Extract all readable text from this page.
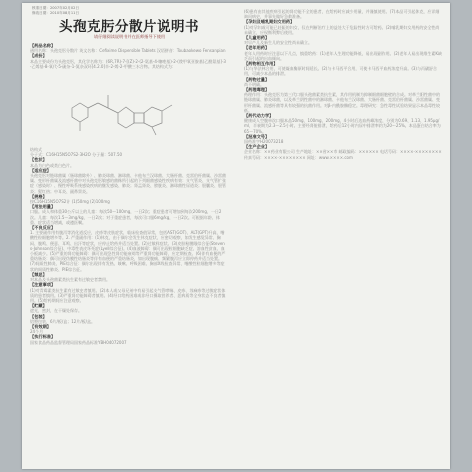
核准日期：2007年02月02日
修改日期：2010年08月11日
头孢克肟分散片说明书
请仔细阅读说明书并在医师指导下使用
【药品名称】
通用名称：头孢克肟分散片 英文名称：Cefixime Dispersible Tablets 汉语拼音：Toubaokewo Fensanpian
【成份】
本品主要成份为头孢克肟，其化学名称为：(6R,7R)-7-[(Z)-2-(2-氨基-4-噻唑基)-2-(羧甲氧亚胺基)乙酰氨基]-3-乙烯基-8-氧代-5-硫杂-1-氮杂双环[4.2.0]辛-2-烯-2-甲酸三水合物。其结构式为：
结构式
分子式：C16H15N5O7S2·3H2O 分子量：507.50
【性状】
本品为白色或类白色片。
【适应症】
头孢克肟对链球菌属（肠球菌除外）、肺炎球菌、淋球菌、卡他布兰汉球菌、大肠杆菌、克雷伯杆菌属、沙雷菌属、变形杆菌属及流感杆菌中对头孢克肟敏感的菌株所引起的下列细菌感染性疾病有效：支气管炎、支气管扩张症（感染时）、慢性呼吸系统感染疾病的继发感染、肺炎；肾盂肾炎、膀胱炎、淋球菌性尿道炎；胆囊炎、胆管炎；猩红热；中耳炎、副鼻窦炎。
【规格】
按C16H15N5O7S2计 (1)50mg (2)100mg
【用法用量】
口服。成人和体重30公斤以上的儿童：每次50～100mg，一日2次；重症患者可增加到每次200mg，一日2次。儿童：每次1.5～3mg/kg，一日2次；对于重症患者，每次可口服6mg/kg，一日2次。可根据年龄、体重、症状适当增减，或遵医嘱。
【不良反应】
1. 主要副作用有腹泻等消化道反应，皮疹等皮肤症状，临床检查值异常，包括AST(GOT)、ALT(GPT)升高，嗜酸性粒细胞增多等。2. 严重副作用：(1)休克，由于偶尔会发生休克症状，应密切观察，如发生感觉异常、胸闷、腹鸣、便意、耳鸣、出汗等症状，应停止给药并适当处置。(2)过敏样症状。(3)皮肤粘膜眼综合征(Stevens-Johnson综合征)、中毒性表皮坏死症(Lyell综合征)。(4)血液障碍：偶可出现粒细胞缺乏症、溶血性贫血、血小板减少。(5)严重的肾功能障碍：偶可出现急性肾功能衰竭等严重肾功能障碍，应定期检查。(6)伴有血便的严重结肠炎：偶可出现伪膜性结肠炎等伴有血便的严重结肠炎，如出现腹痛、频繁腹泻应立即停药并适当处置。(7)间质性肺炎、PIE综合征：偶尔出现伴有发热、咳嗽、呼吸困难、胸部X线检查异常、嗜酸性粒细胞增多等症状的间质性肺炎、PIE综合征。
【禁忌】
对本品及头孢菌素类抗生素有过敏史者禁用。
【注意事项】
(1)对青霉素类抗生素有过敏史者慎用。(2)本人或父母兄弟中有易引起支气管哮喘、皮疹、荨麻疹等过敏症状体质的患者慎用。(3)严重肾功能障碍者慎用。(4)经口给药困难或非经口摄取营养者、恶病质等全身状态不良者慎用。(5)给药期间应注意观察。
【贮藏】
遮光，密封，在干燥处保存。
【包装】
铝塑包装，6片/板/盒；12片/板/盒。
【有效期】
24个月
【执行标准】
国家食品药品监督管理局国家药品标准YBH04072007
(6)患有由其他疾病引起的肾功能不全的患者，在给药时应减少用量，并谨慎使用。(7)本品可引起休克，应详细询问病史，并事先做好急救准备。
【孕妇及哺乳期妇女用药】
(1)对孕妇或可能已妊娠的妇女，仅在判断治疗上的益处大于危险性时方可给药。(2)哺乳期妇女用药的安全性尚未确立，应权衡利弊后使用。
【儿童用药】
对早产儿及新生儿的安全性尚未确立。
【老年用药】
老年人用药时应注意以下几点，慎重给药：(1)老年人生理功能降低，易出现副作用。(2)老年人易出现维生素K缺乏而引起的出血倾向。
【药物相互作用】
(1)与华法林合用，可使凝血酶原时间延长。(2)与卡马西平合用，可使卡马西平血药浓度升高。(3)与丙磺舒合用，可减少本品的排泄。
【药物过量】
尚不明确。
【药理毒理】
药理作用：头孢克肟为第三代口服头孢菌素类抗生素，其作用机制为抑制细菌细胞壁的合成。对革兰阳性菌中的链球菌属、肺炎球菌，以及革兰阴性菌中的淋球菌、卡他布兰汉球菌、大肠杆菌、克雷伯杆菌属、沙雷菌属、变形杆菌属、流感杆菌等具有较强的抗菌作用。对β-内酰胺酶稳定。毒理研究：急性毒性试验结果显示本品毒性较低。
【药代动力学】
健康成人空腹单次口服本品50mg、100mg、200mg，4小时后达血药峰浓度，分别为0.69、1.13、1.95μg/ml，半衰期为2.3～2.5小时。主要经肾脏排泄，给药后12小时内尿中排泄率约为20～25%。本品蛋白结合率为65～70%。
【批准文号】
国药准字H20073218
【生产企业】
企业名称：××药业有限公司 生产地址：××省××市 邮政编码：×××××× 电话号码：××××-×××××××× 传真号码：××××-×××××××× 网址：www.××××.com
